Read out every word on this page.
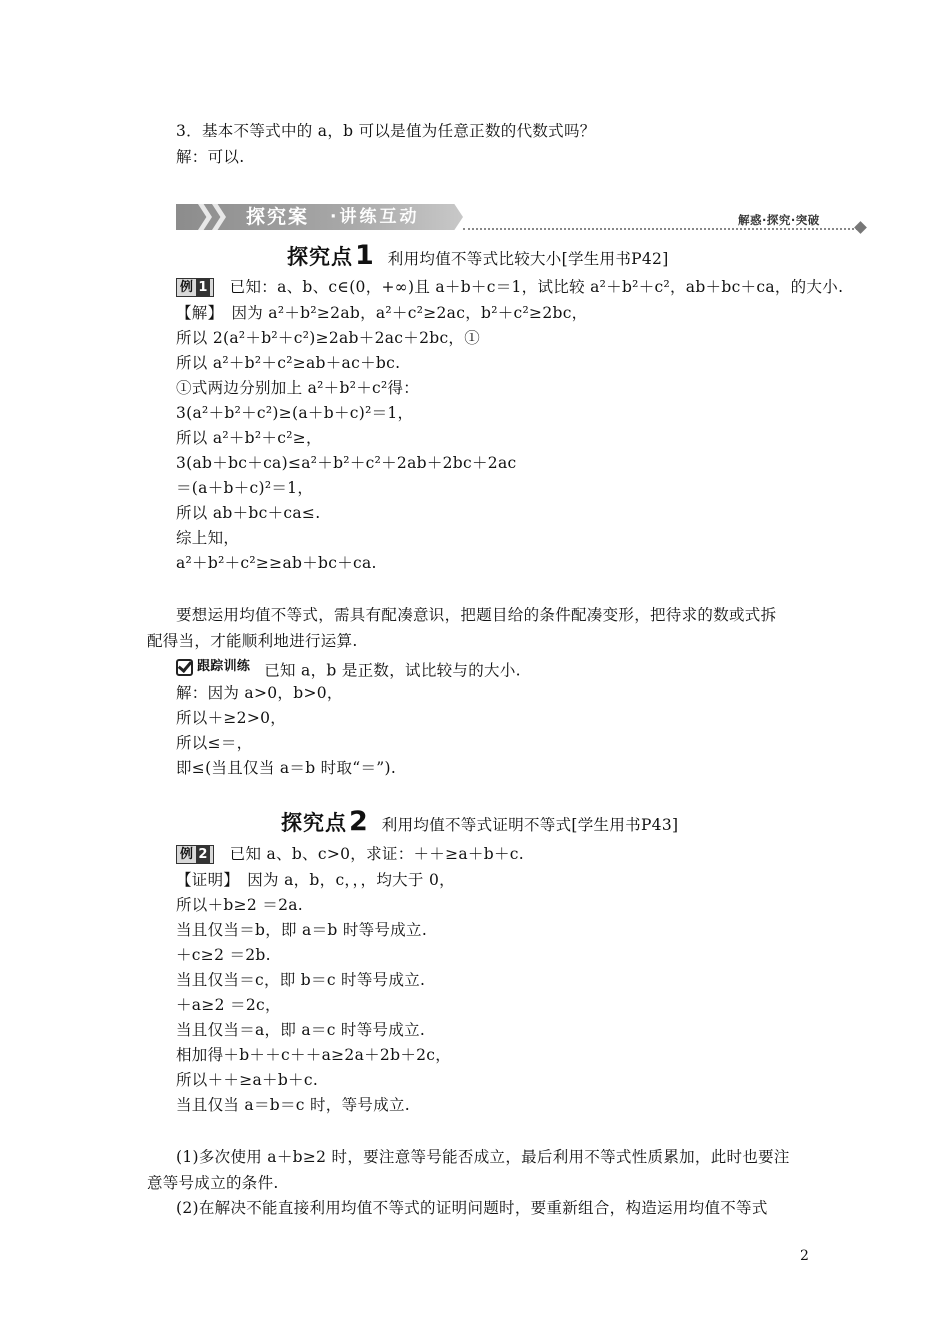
3．基本不等式中的 a，b 可以是值为任意正数的代数式吗？
解：可以.
探究案 ·讲练互动	解惑·探究·突破
探究点1 利用均值不等式比较大小[学生用书P42]
例 1 已知：a、b、c∈(0，+∞)且 a＋b＋c＝1，试比较 a²＋b²＋c²，ab＋bc＋ca，的大小.
【解】　因为 a²＋b²≥2ab，a²＋c²≥2ac，b²＋c²≥2bc，
所以 2(a²＋b²＋c²)≥2ab＋2ac＋2bc，①
所以 a²＋b²＋c²≥ab＋ac＋bc.
①式两边分别加上 a²＋b²＋c²得：
3(a²＋b²＋c²)≥(a＋b＋c)²＝1，
所以 a²＋b²＋c²≥，
3(ab＋bc＋ca)≤a²＋b²＋c²＋2ab＋2bc＋2ac
＝(a＋b＋c)²＝1，
所以 ab＋bc＋ca≤.
综上知，
a²＋b²＋c²≥≥ab＋bc＋ca.
要想运用均值不等式，需具有配凑意识，把题目给的条件配凑变形，把待求的数或式拆
配得当，才能顺利地进行运算.
跟踪训练 已知 a，b 是正数，试比较与的大小.
解：因为 a>0，b>0，
所以＋≥2>0，
所以≤＝，
即≤(当且仅当 a＝b 时取“＝”).
探究点2 利用均值不等式证明不等式[学生用书P43]
例 2 已知 a、b、c>0，求证：＋＋≥a＋b＋c.
【证明】　因为 a，b，c，，，均大于 0，
所以＋b≥2 ＝2a.
当且仅当＝b，即 a＝b 时等号成立.
＋c≥2 ＝2b.
当且仅当＝c，即 b＝c 时等号成立.
＋a≥2 ＝2c，
当且仅当＝a，即 a＝c 时等号成立.
相加得＋b＋＋c＋＋a≥2a＋2b＋2c，
所以＋＋≥a＋b＋c.
当且仅当 a＝b＝c 时，等号成立.
(1)多次使用 a＋b≥2 时，要注意等号能否成立，最后利用不等式性质累加，此时也要注
意等号成立的条件.
(2)在解决不能直接利用均值不等式的证明问题时，要重新组合，构造运用均值不等式
2
